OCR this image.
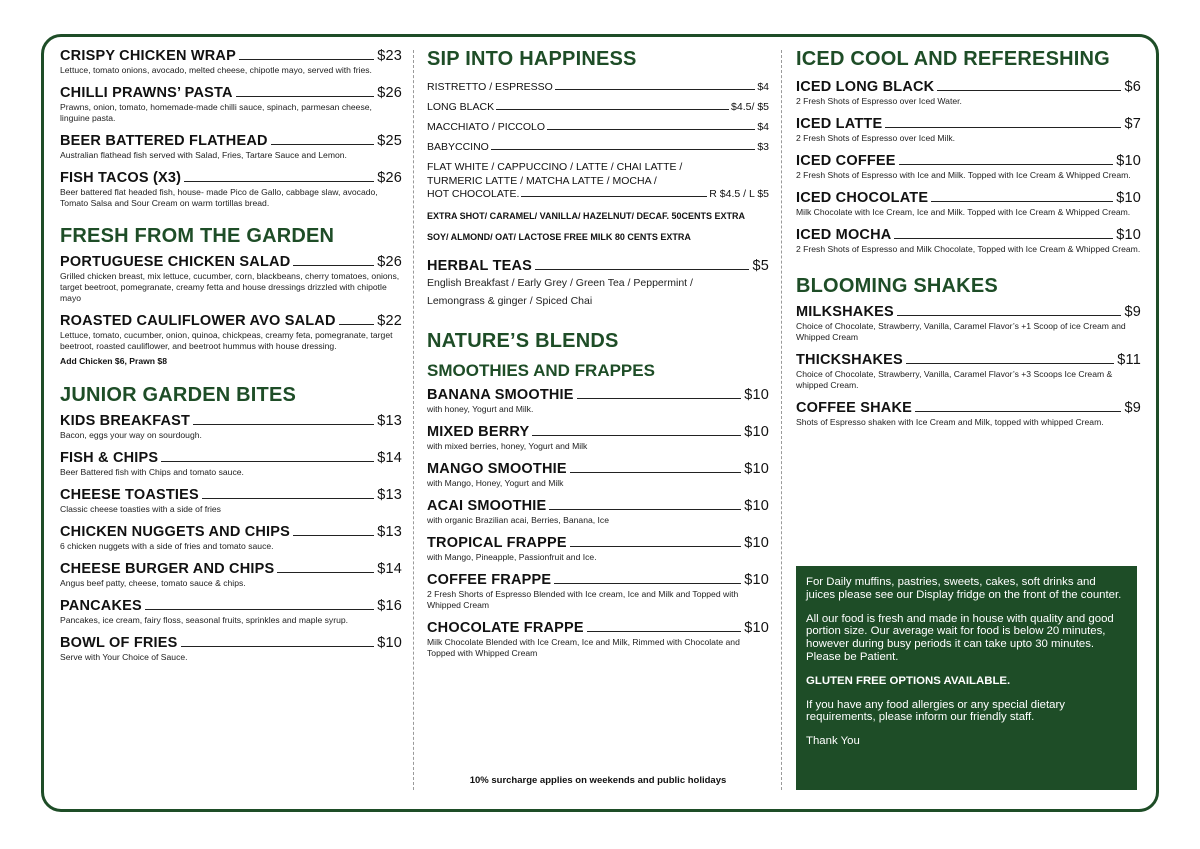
CRISPY CHICKEN WRAP	$23
Lettuce, tomato onions, avocado, melted cheese, chipotle mayo, served with fries.
CHILLI PRAWNS’ PASTA	$26
Prawns, onion, tomato, homemade-made chilli sauce, spinach, parmesan cheese, linguine pasta.
BEER BATTERED FLATHEAD	$25
Australian flathead fish served with Salad, Fries, Tartare Sauce and Lemon.
FISH TACOS (X3)	$26
Beer battered flat headed fish, house- made Pico de Gallo, cabbage slaw, avocado, Tomato Salsa and Sour Cream on warm tortillas bread.
FRESH FROM THE GARDEN
PORTUGUESE CHICKEN SALAD	$26
Grilled chicken breast, mix lettuce, cucumber, corn, blackbeans, cherry tomatoes, onions, target beetroot, pomegranate, creamy fetta and house dressings drizzled with chipotle mayo
ROASTED CAULIFLOWER AVO SALAD	$22
Lettuce, tomato, cucumber, onion, quinoa, chickpeas, creamy feta, pomegranate, target beetroot, roasted cauliflower, and beetroot hummus with house dressing.
Add Chicken $6, Prawn $8
JUNIOR GARDEN BITES
KIDS BREAKFAST	$13
Bacon, eggs your way on sourdough.
FISH & CHIPS	$14
Beer Battered fish with Chips and tomato sauce.
CHEESE TOASTIES	$13
Classic cheese toasties with a side of fries
CHICKEN NUGGETS AND CHIPS	$13
6 chicken nuggets with a side of fries and tomato sauce.
CHEESE BURGER AND CHIPS	$14
Angus beef patty, cheese, tomato sauce & chips.
PANCAKES	$16
Pancakes, ice cream, fairy floss, seasonal fruits, sprinkles and maple syrup.
BOWL OF FRIES	$10
Serve with Your Choice of Sauce.
SIP INTO HAPPINESS
RISTRETTO / ESPRESSO	$4
LONG BLACK	$4.5/ $5
MACCHIATO / PICCOLO	$4
BABYCCINO	$3
FLAT WHITE / CAPPUCCINO / LATTE / CHAI LATTE /
TURMERIC LATTE / MATCHA LATTE / MOCHA /
HOT CHOCOLATE.	R $4.5 / L $5
EXTRA SHOT/ CARAMEL/ VANILLA/ HAZELNUT/ DECAF. 50CENTS EXTRA
SOY/ ALMOND/ OAT/ LACTOSE FREE MILK 80 CENTS EXTRA
HERBAL TEAS	$5
English Breakfast / Early Grey / Green Tea / Peppermint /
Lemongrass & ginger / Spiced Chai
NATURE’S BLENDS
SMOOTHIES AND FRAPPES
BANANA SMOOTHIE	$10
with honey, Yogurt and Milk.
MIXED BERRY	$10
with mixed berries, honey, Yogurt and Milk
MANGO SMOOTHIE	$10
with Mango, Honey, Yogurt and Milk
ACAI SMOOTHIE	$10
with organic Brazilian acai, Berries, Banana, Ice
TROPICAL FRAPPE	$10
with Mango, Pineapple, Passionfruit and Ice.
COFFEE FRAPPE	$10
2 Fresh Shorts of Espresso Blended with Ice cream, Ice and Milk and Topped with Whipped Cream
CHOCOLATE FRAPPE	$10
Milk Chocolate Blended with Ice Cream, Ice and Milk, Rimmed with Chocolate and Topped with Whipped Cream
10% surcharge applies on weekends and public holidays
ICED COOL AND REFERESHING
ICED LONG BLACK	$6
2 Fresh Shots of Espresso over Iced Water.
ICED LATTE	$7
2 Fresh Shots of Espresso over Iced Milk.
ICED COFFEE	$10
2 Fresh Shots of Espresso with Ice and Milk. Topped with Ice Cream & Whipped Cream.
ICED CHOCOLATE	$10
Milk Chocolate with Ice Cream, Ice and Milk. Topped with Ice Cream & Whipped Cream.
ICED MOCHA	$10
2 Fresh Shots of Espresso and Milk Chocolate, Topped with Ice Cream & Whipped Cream.
BLOOMING SHAKES
MILKSHAKES	$9
Choice of Chocolate, Strawberry, Vanilla, Caramel Flavor’s +1 Scoop of ice Cream and Whipped Cream
THICKSHAKES	$11
Choice of Chocolate, Strawberry, Vanilla, Caramel Flavor’s +3 Scoops Ice Cream & whipped Cream.
COFFEE SHAKE	$9
Shots of Espresso shaken with Ice Cream and Milk, topped with whipped Cream.

For Daily muffins, pastries, sweets, cakes, soft drinks and juices please see our Display fridge on the front of the counter.

All our food is fresh and made in house with quality and good portion size. Our average wait for food is below 20 minutes, however during busy periods it can take upto 30 minutes. Please be Patient.

GLUTEN FREE OPTIONS AVAILABLE.

If you have any food allergies or any special dietary requirements, please inform our friendly staff.

Thank You
